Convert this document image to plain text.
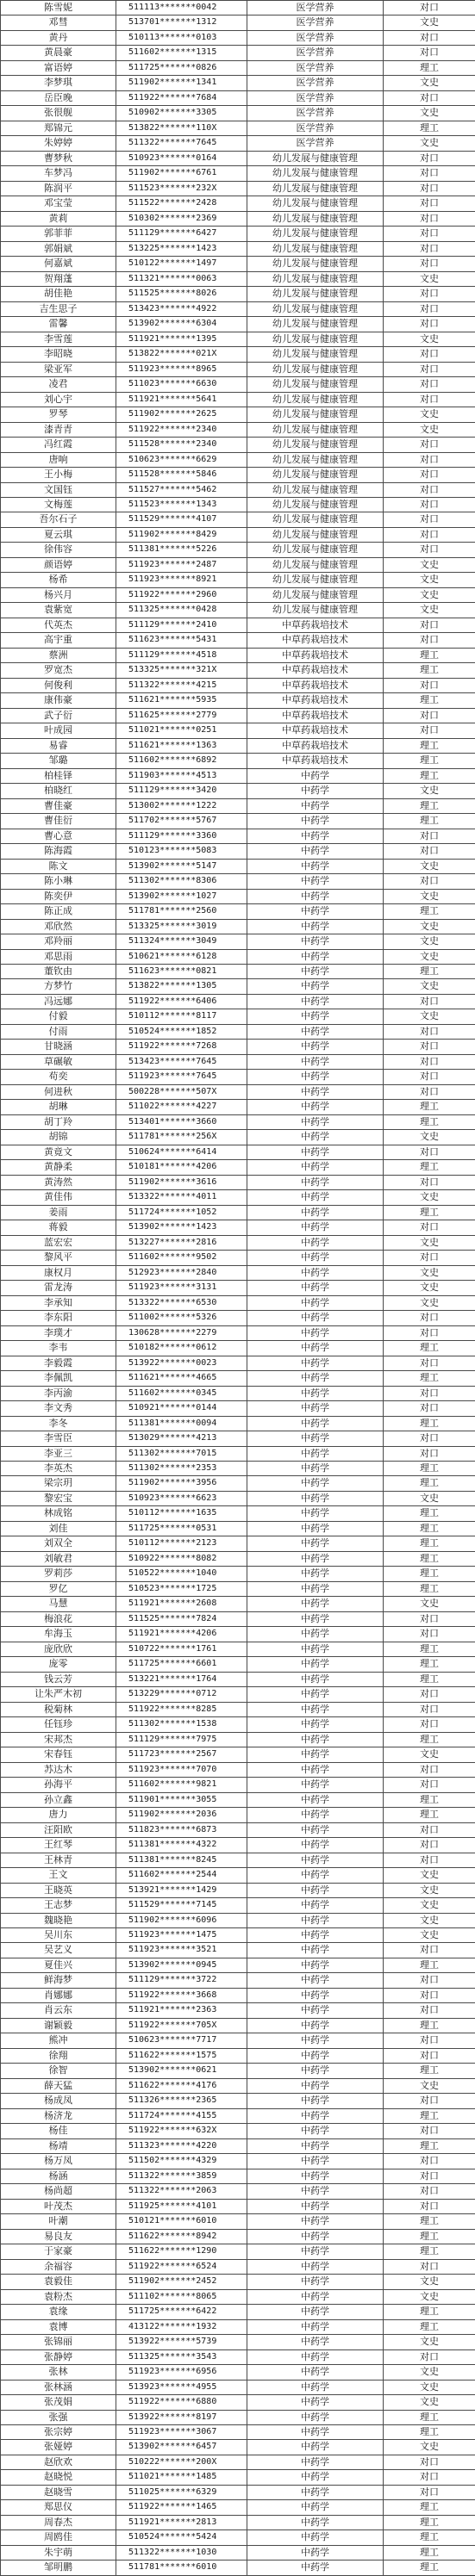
陈雪妮	511113*******0042	医学营养	对口
邓彗	513701*******1312	医学营养	文史
黄丹	510113*******0103	医学营养	对口
黄晨豪	511602*******1315	医学营养	对口
富语婷	511725*******0826	医学营养	理工
李梦琪	511902*******1341	医学营养	文史
岳臣晚	511922*******7684	医学营养	对口
张很舰	510902*******3305	医学营养	文史
郑锦元	513822*******110X	医学营养	理工
朱婷婷	511322*******7645	医学营养	文史
曹梦秋	510923*******0164	幼儿发展与健康管理	对口
车梦冯	511902*******6761	幼儿发展与健康管理	对口
陈润平	511523*******232X	幼儿发展与健康管理	对口
邓宝莹	511522*******2428	幼儿发展与健康管理	对口
黄莉	510302*******2369	幼儿发展与健康管理	对口
郭菲菲	511129*******6427	幼儿发展与健康管理	对口
郭娟斌	513225*******1423	幼儿发展与健康管理	对口
何嘉斌	510122*******1497	幼儿发展与健康管理	对口
贺翔蓬	511321*******0063	幼儿发展与健康管理	文史
胡佳艳	511525*******8026	幼儿发展与健康管理	对口
吉生思子	513423*******4922	幼儿发展与健康管理	对口
雷馨	513902*******6304	幼儿发展与健康管理	对口
李雪莲	511921*******1395	幼儿发展与健康管理	文史
李昭晓	513822*******021X	幼儿发展与健康管理	对口
梁亚军	511923*******8965	幼儿发展与健康管理	对口
凌君	511023*******6630	幼儿发展与健康管理	对口
刘心宇	511921*******5641	幼儿发展与健康管理	对口
罗琴	511902*******2625	幼儿发展与健康管理	文史
漆青青	511922*******2340	幼儿发展与健康管理	文史
冯红霞	511528*******2340	幼儿发展与健康管理	对口
唐响	510623*******6629	幼儿发展与健康管理	对口
王小梅	511528*******5846	幼儿发展与健康管理	对口
文国钰	511527*******5462	幼儿发展与健康管理	对口
文梅莲	511523*******1343	幼儿发展与健康管理	对口
吾尔石子	511529*******4107	幼儿发展与健康管理	对口
夏云琪	511902*******8429	幼儿发展与健康管理	对口
徐伟容	511381*******5226	幼儿发展与健康管理	对口
颜语婷	511923*******2487	幼儿发展与健康管理	文史
杨希	511923*******8921	幼儿发展与健康管理	文史
杨兴月	511922*******2960	幼儿发展与健康管理	文史
袁紫宽	511325*******0428	幼儿发展与健康管理	文史
代英杰	511129*******2410	中草药栽培技术	对口
高宇重	511623*******5431	中草药栽培技术	对口
蔡洲	511129*******4518	中草药栽培技术	理工
罗宽杰	513325*******321X	中草药栽培技术	理工
何俊利	511322*******4215	中草药栽培技术	对口
康伟豪	511621*******5935	中草药栽培技术	理工
武子衍	511625*******2779	中草药栽培技术	对口
叶成园	511021*******0251	中草药栽培技术	对口
易睿	511621*******1363	中草药栽培技术	理工
邹璐	511602*******6892	中草药栽培技术	理工
柏桂铎	511903*******4513	中药学	理工
柏晓红	511129*******3420	中药学	文史
曹佳豪	513002*******1222	中药学	理工
曹佳衍	511702*******5767	中药学	理工
曹心意	511129*******3360	中药学	对口
陈海霞	510123*******5083	中药学	对口
陈文	513902*******5147	中药学	文史
陈小琳	511302*******8306	中药学	对口
陈奕伊	513902*******1027	中药学	文史
陈正成	511781*******2560	中药学	理工
邓欣然	513325*******3019	中药学	文史
邓羚丽	511324*******3049	中药学	文史
邓思雨	510621*******6128	中药学	文史
董钦由	511623*******0821	中药学	理工
方梦竹	513822*******1305	中药学	文史
冯远娜	511922*******6406	中药学	对口
付毅	510112*******8117	中药学	文史
付雨	510524*******1852	中药学	对口
甘晓涵	511922*******7268	中药学	对口
草碾敏	513423*******7645	中药学	对口
苟奕	511923*******7645	中药学	对口
何进秋	500228*******507X	中药学	对口
胡琳	511022*******4227	中药学	理工
胡丁羚	513401*******3660	中药学	理工
胡锦	511781*******256X	中药学	文史
黄竟文	510624*******6414	中药学	对口
黄静柔	510181*******4206	中药学	理工
黄涛然	511902*******3616	中药学	对口
黄佳伟	513322*******4011	中药学	文史
姜雨	511724*******1052	中药学	理工
蒋毅	513902*******1423	中药学	对口
蓝宏宏	513227*******2816	中药学	文史
黎风平	511602*******9502	中药学	对口
康权月	512923*******2840	中药学	文史
雷龙涛	511923*******3131	中药学	文史
李承知	513322*******6530	中药学	文史
李东阳	511002*******5326	中药学	对口
李璞才	130628*******2279	中药学	对口
李韦	510182*******0612	中药学	理工
李毅霞	513922*******0023	中药学	对口
李佩凯	511621*******4665	中药学	理工
李丙渝	511602*******0345	中药学	对口
李文秀	510921*******0144	中药学	对口
李冬	511381*******0094	中药学	理工
李雪臣	513029*******4213	中药学	对口
李亚三	511302*******7015	中药学	对口
李英杰	511302*******2353	中药学	理工
梁宗玥	511902*******3956	中药学	理工
黎宏宝	510923*******6623	中药学	文史
林成铭	510112*******1635	中药学	理工
刘佳	511725*******0531	中药学	理工
刘双全	510112*******2123	中药学	理工
刘敏君	510922*******8082	中药学	理工
罗莉莎	510522*******1040	中药学	理工
罗亿	510523*******1725	中药学	理工
马慧	511921*******2608	中药学	文史
梅浪花	511525*******7824	中药学	对口
牟海玉	511921*******4206	中药学	对口
庞欣欣	510722*******1761	中药学	理工
庞零	511725*******6601	中药学	理工
钱云芳	513221*******1764	中药学	理工
让朱严木初	513229*******0712	中药学	对口
税菊林	511922*******8285	中药学	对口
任钰珍	511302*******1538	中药学	对口
宋邦杰	511129*******7975	中药学	理工
宋春钰	511723*******2567	中药学	文史
苏达木	511923*******7070	中药学	对口
孙海平	511602*******9821	中药学	对口
孙立鑫	511901*******3055	中药学	理工
唐力	511902*******2036	中药学	理工
汪阳欧	511823*******6873	中药学	对口
王红琴	511381*******4322	中药学	对口
王林青	511381*******8245	中药学	对口
王文	511602*******2544	中药学	文史
王晓英	513921*******1429	中药学	文史
王志梦	511529*******7145	中药学	文史
魏晓艳	511902*******6096	中药学	文史
吴川东	511923*******1475	中药学	文史
吴艺义	511923*******3521	中药学	对口
夏佳兴	513902*******0945	中药学	理工
鲜海梦	511129*******3722	中药学	对口
肖娜娜	511922*******3668	中药学	对口
肖云东	511921*******2363	中药学	对口
谢颖毅	511922*******705X	中药学	理工
熊冲	510623*******7717	中药学	对口
徐翔	511622*******1575	中药学	对口
徐智	513902*******0621	中药学	理工
薛天猛	511622*******4176	中药学	文史
杨成凤	511326*******2365	中药学	对口
杨济龙	511724*******4155	中药学	理工
杨佳	511922*******632X	中药学	对口
杨靖	511323*******4220	中药学	理工
杨万凤	511502*******4329	中药学	对口
杨涵	511322*******3859	中药学	对口
杨尚超	511322*******2063	中药学	对口
叶茂杰	511925*******4101	中药学	对口
叶潮	510121*******6010	中药学	理工
易良友	511622*******8942	中药学	理工
于家豪	511622*******1290	中药学	理工
余福容	511922*******6524	中药学	对口
袁毅佳	511902*******2452	中药学	文史
袁粉杰	511102*******8065	中药学	文史
袁缘	511725*******6422	中药学	理工
袁博	413122*******1932	中药学	理工
张锦丽	513922*******5739	中药学	文史
张静婷	511325*******3543	中药学	对口
张林	511923*******6956	中药学	文史
张林涵	513923*******4955	中药学	文史
张茂娟	511922*******6880	中药学	文史
张强	513922*******8197	中药学	理工
张宗婷	511923*******3067	中药学	理工
张娅婷	513902*******6457	中药学	文史
赵欣欢	510222*******200X	中药学	对口
赵晓悦	511021*******1485	中药学	对口
赵晓雪	511025*******6329	中药学	对口
郑思仪	511922*******1465	中药学	理工
周春杰	511921*******2813	中药学	理工
周鸥佳	510524*******5424	中药学	理工
朱宇萌	511322*******1030	中药学	理工
邹明鹏	511781*******6010	中药学	理工
